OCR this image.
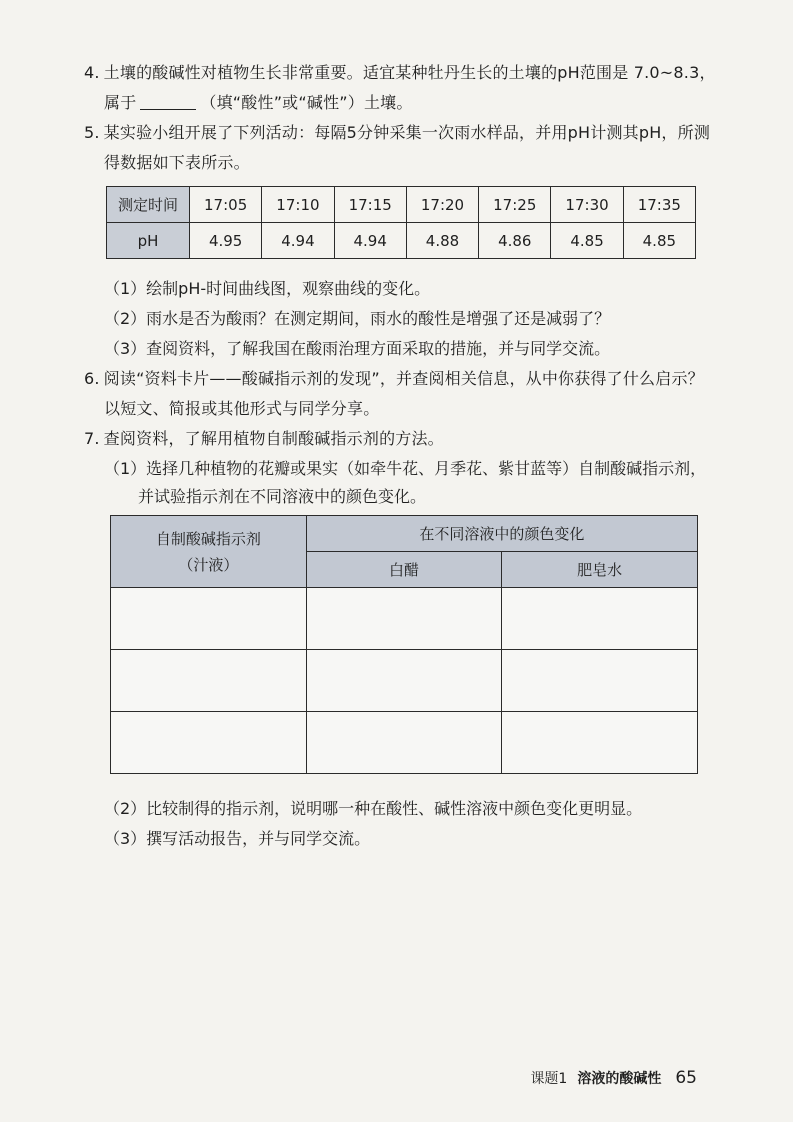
4. 土壤的酸碱性对植物生长非常重要。适宜某种牡丹生长的土壤的pH范围是 7.0~8.3，
属于	（填“酸性”或“碱性”）土壤。
5. 某实验小组开展了下列活动：每隔5分钟采集一次雨水样品，并用pH计测其pH，所测
得数据如下表所示。
测定时间	17:05	17:10	17:15	17:20	17:25	17:30	17:35
pH	4.95	4.94	4.94	4.88	4.86	4.85	4.85
（1）绘制pH-时间曲线图，观察曲线的变化。
（2）雨水是否为酸雨？在测定期间，雨水的酸性是增强了还是减弱了？
（3）查阅资料，了解我国在酸雨治理方面采取的措施，并与同学交流。
6. 阅读“资料卡片——酸碱指示剂的发现”，并查阅相关信息，从中你获得了什么启示？
以短文、简报或其他形式与同学分享。
7. 查阅资料，了解用植物自制酸碱指示剂的方法。
（1）选择几种植物的花瓣或果实（如牵牛花、月季花、紫甘蓝等）自制酸碱指示剂，
并试验指示剂在不同溶液中的颜色变化。
自制酸碱指示剂
（汁液）	在不同溶液中的颜色变化	
	白醋	肥皂水

（2）比较制得的指示剂，说明哪一种在酸性、碱性溶液中颜色变化更明显。
（3）撰写活动报告，并与同学交流。
课题1 溶液的酸碱性 65
